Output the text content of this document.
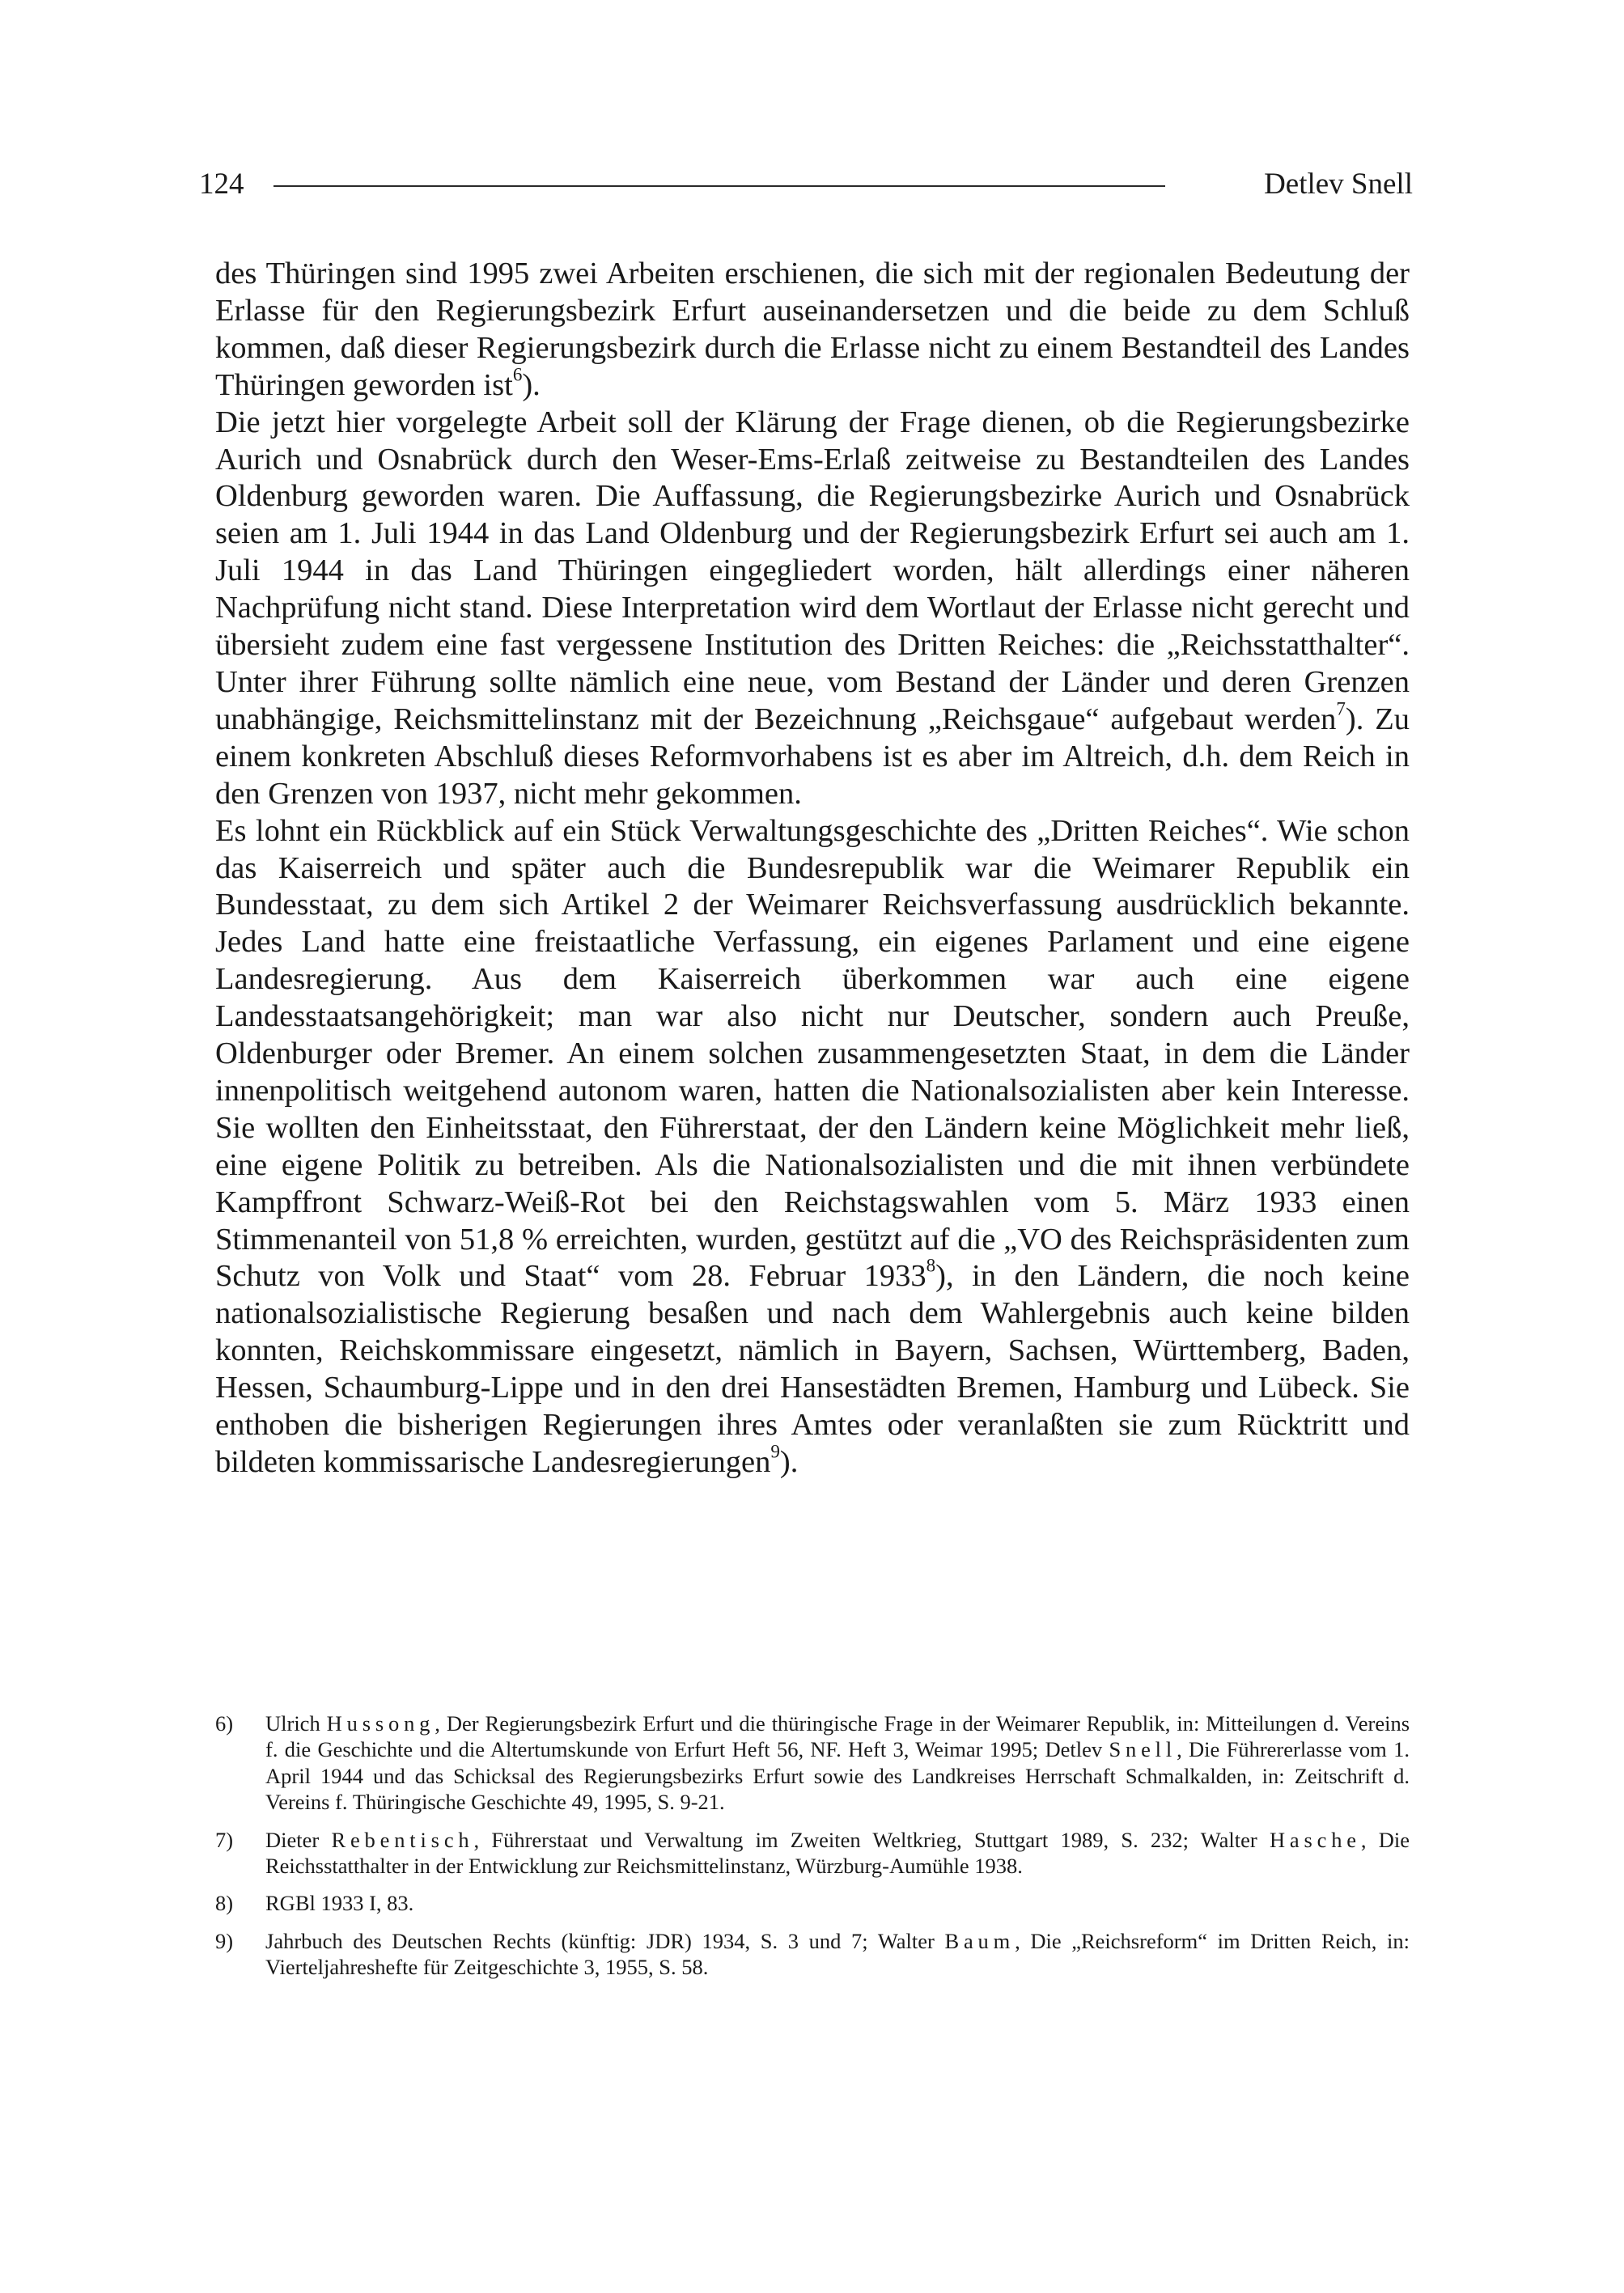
124	Detlev Snell

des Thüringen sind 1995 zwei Arbeiten erschienen, die sich mit der regionalen Bedeutung der Erlasse für den Regierungsbezirk Erfurt auseinandersetzen und die beide zu dem Schluß kommen, daß dieser Regierungsbezirk durch die Erlasse nicht zu einem Bestandteil des Landes Thüringen geworden ist$^6$).

Die jetzt hier vorgelegte Arbeit soll der Klärung der Frage dienen, ob die Regierungsbezirke Aurich und Osnabrück durch den Weser-Ems-Erlaß zeitweise zu Bestandteilen des Landes Oldenburg geworden waren. Die Auffassung, die Regierungsbezirke Aurich und Osnabrück seien am 1. Juli 1944 in das Land Oldenburg und der Regierungsbezirk Erfurt sei auch am 1. Juli 1944 in das Land Thüringen eingegliedert worden, hält allerdings einer näheren Nachprüfung nicht stand. Diese Interpretation wird dem Wortlaut der Erlasse nicht gerecht und übersieht zudem eine fast vergessene Institution des Dritten Reiches: die „Reichsstatthalter“. Unter ihrer Führung sollte nämlich eine neue, vom Bestand der Länder und deren Grenzen unabhängige, Reichsmittelinstanz mit der Bezeichnung „Reichsgaue“ aufgebaut werden$^7$). Zu einem konkreten Abschluß dieses Reformvorhabens ist es aber im Altreich, d.h. dem Reich in den Grenzen von 1937, nicht mehr gekommen.

Es lohnt ein Rückblick auf ein Stück Verwaltungsgeschichte des „Dritten Reiches“. Wie schon das Kaiserreich und später auch die Bundesrepublik war die Weimarer Republik ein Bundesstaat, zu dem sich Artikel 2 der Weimarer Reichsverfassung ausdrücklich bekannte. Jedes Land hatte eine freistaatliche Verfassung, ein eigenes Parlament und eine eigene Landesregierung. Aus dem Kaiserreich überkommen war auch eine eigene Landesstaatsangehörigkeit; man war also nicht nur Deutscher, sondern auch Preuße, Oldenburger oder Bremer. An einem solchen zusammengesetzten Staat, in dem die Länder innenpolitisch weitgehend autonom waren, hatten die Nationalsozialisten aber kein Interesse. Sie wollten den Einheitsstaat, den Führerstaat, der den Ländern keine Möglichkeit mehr ließ, eine eigene Politik zu betreiben. Als die Nationalsozialisten und die mit ihnen verbündete Kampffront Schwarz-Weiß-Rot bei den Reichstagswahlen vom 5. März 1933 einen Stimmenanteil von 51,8 % erreichten, wurden, gestützt auf die „VO des Reichspräsidenten zum Schutz von Volk und Staat“ vom 28. Februar 1933$^8$), in den Ländern, die noch keine nationalsozialistische Regierung besaßen und nach dem Wahlergebnis auch keine bilden konnten, Reichskommissare eingesetzt, nämlich in Bayern, Sachsen, Württemberg, Baden, Hessen, Schaumburg-Lippe und in den drei Hansestädten Bremen, Hamburg und Lübeck. Sie enthoben die bisherigen Regierungen ihres Amtes oder veranlaßten sie zum Rücktritt und bildeten kommissarische Landesregierungen$^9$).

6) Ulrich Hussong, Der Regierungsbezirk Erfurt und die thüringische Frage in der Weimarer Republik, in: Mitteilungen d. Vereins f. die Geschichte und die Altertumskunde von Erfurt Heft 56, NF. Heft 3, Weimar 1995; Detlev Snell, Die Führererlasse vom 1. April 1944 und das Schicksal des Regierungsbezirks Erfurt sowie des Landkreises Herrschaft Schmalkalden, in: Zeitschrift d. Vereins f. Thüringische Geschichte 49, 1995, S. 9-21.
7) Dieter Rebentisch, Führerstaat und Verwaltung im Zweiten Weltkrieg, Stuttgart 1989, S. 232; Walter Hasche, Die Reichsstatthalter in der Entwicklung zur Reichsmittelinstanz, Würzburg-Aumühle 1938.
8) RGBl 1933 I, 83.
9) Jahrbuch des Deutschen Rechts (künftig: JDR) 1934, S. 3 und 7; Walter Baum, Die „Reichsreform“ im Dritten Reich, in: Vierteljahreshefte für Zeitgeschichte 3, 1955, S. 58.
